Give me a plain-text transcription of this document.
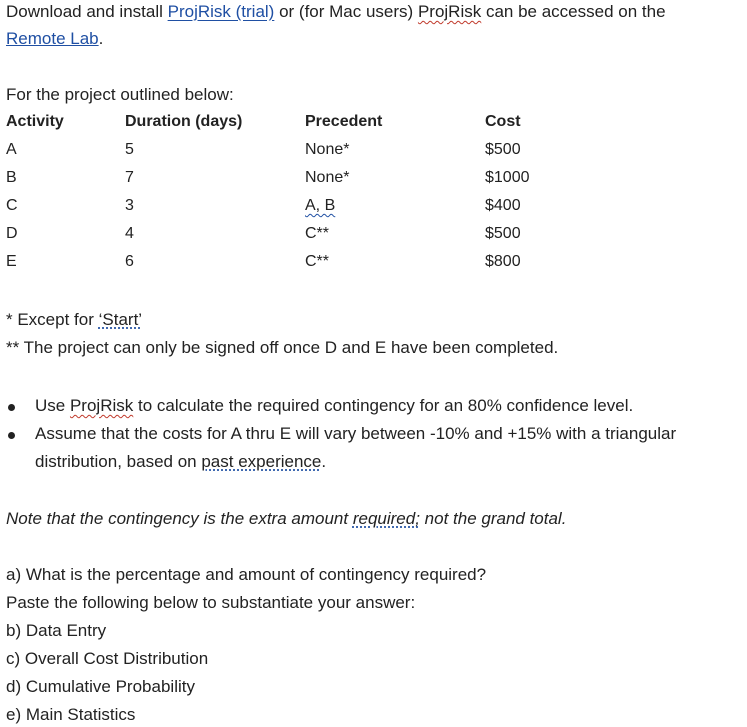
Download and install ProjRisk (trial) or (for Mac users) ProjRisk can be accessed on the
Remote Lab.
For the project outlined below:
Activity	Duration (days)	Precedent	Cost
A	5	None*	$500
B	7	None*	$1000
C	3	A, B	$400
D	4	C**	$500
E	6	C**	$800
* Except for ‘Start’
** The project can only be signed off once D and E have been completed.
Use ProjRisk to calculate the required contingency for an 80% confidence level.
Assume that the costs for A thru E will vary between -10% and +15% with a triangular
distribution, based on past experience.
Note that the contingency is the extra amount required; not the grand total.
a) What is the percentage and amount of contingency required?
Paste the following below to substantiate your answer:
b) Data Entry
c) Overall Cost Distribution
d) Cumulative Probability
e) Main Statistics
